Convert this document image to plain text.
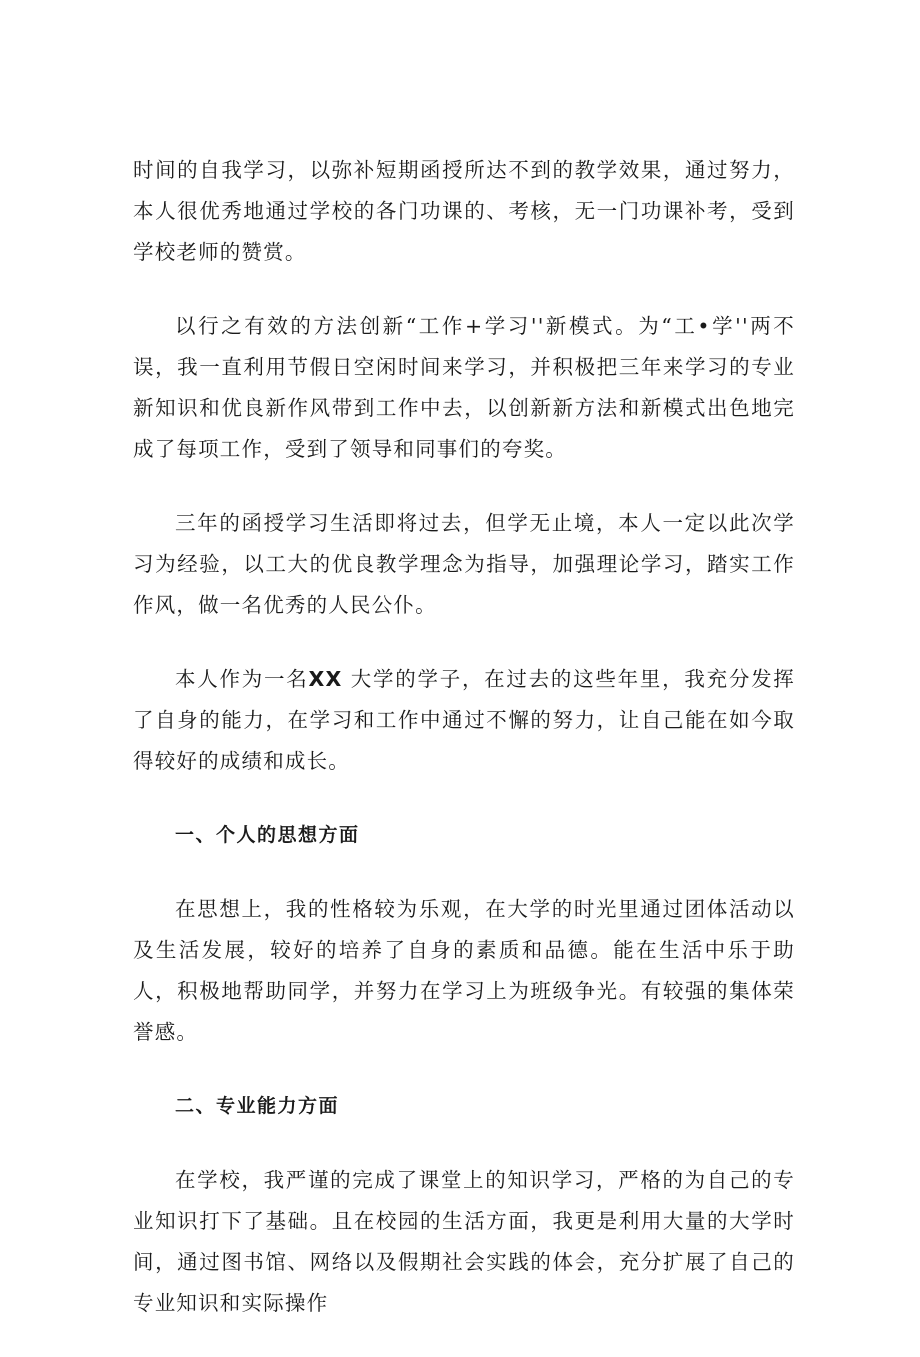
时间的自我学习，以弥补短期函授所达不到的教学效果，通过努力，本人很优秀地通过学校的各门功课的、考核，无一门功课补考，受到学校老师的赞赏。

以行之有效的方法创新“工作+学习''新模式。为“工•学''两不误，我一直利用节假日空闲时间来学习，并积极把三年来学习的专业新知识和优良新作风带到工作中去，以创新新方法和新模式出色地完成了每项工作，受到了领导和同事们的夸奖。

三年的函授学习生活即将过去，但学无止境，本人一定以此次学习为经验，以工大的优良教学理念为指导，加强理论学习，踏实工作作风，做一名优秀的人民公仆。

本人作为一名XX 大学的学子，在过去的这些年里，我充分发挥了自身的能力，在学习和工作中通过不懈的努力，让自己能在如今取得较好的成绩和成长。

一、个人的思想方面

在思想上，我的性格较为乐观，在大学的时光里通过团体活动以及生活发展，较好的培养了自身的素质和品德。能在生活中乐于助人，积极地帮助同学，并努力在学习上为班级争光。有较强的集体荣誉感。

二、专业能力方面

在学校，我严谨的完成了课堂上的知识学习，严格的为自己的专业知识打下了基础。且在校园的生活方面，我更是利用大量的大学时间，通过图书馆、网络以及假期社会实践的体会，充分扩展了自己的专业知识和实际操作
